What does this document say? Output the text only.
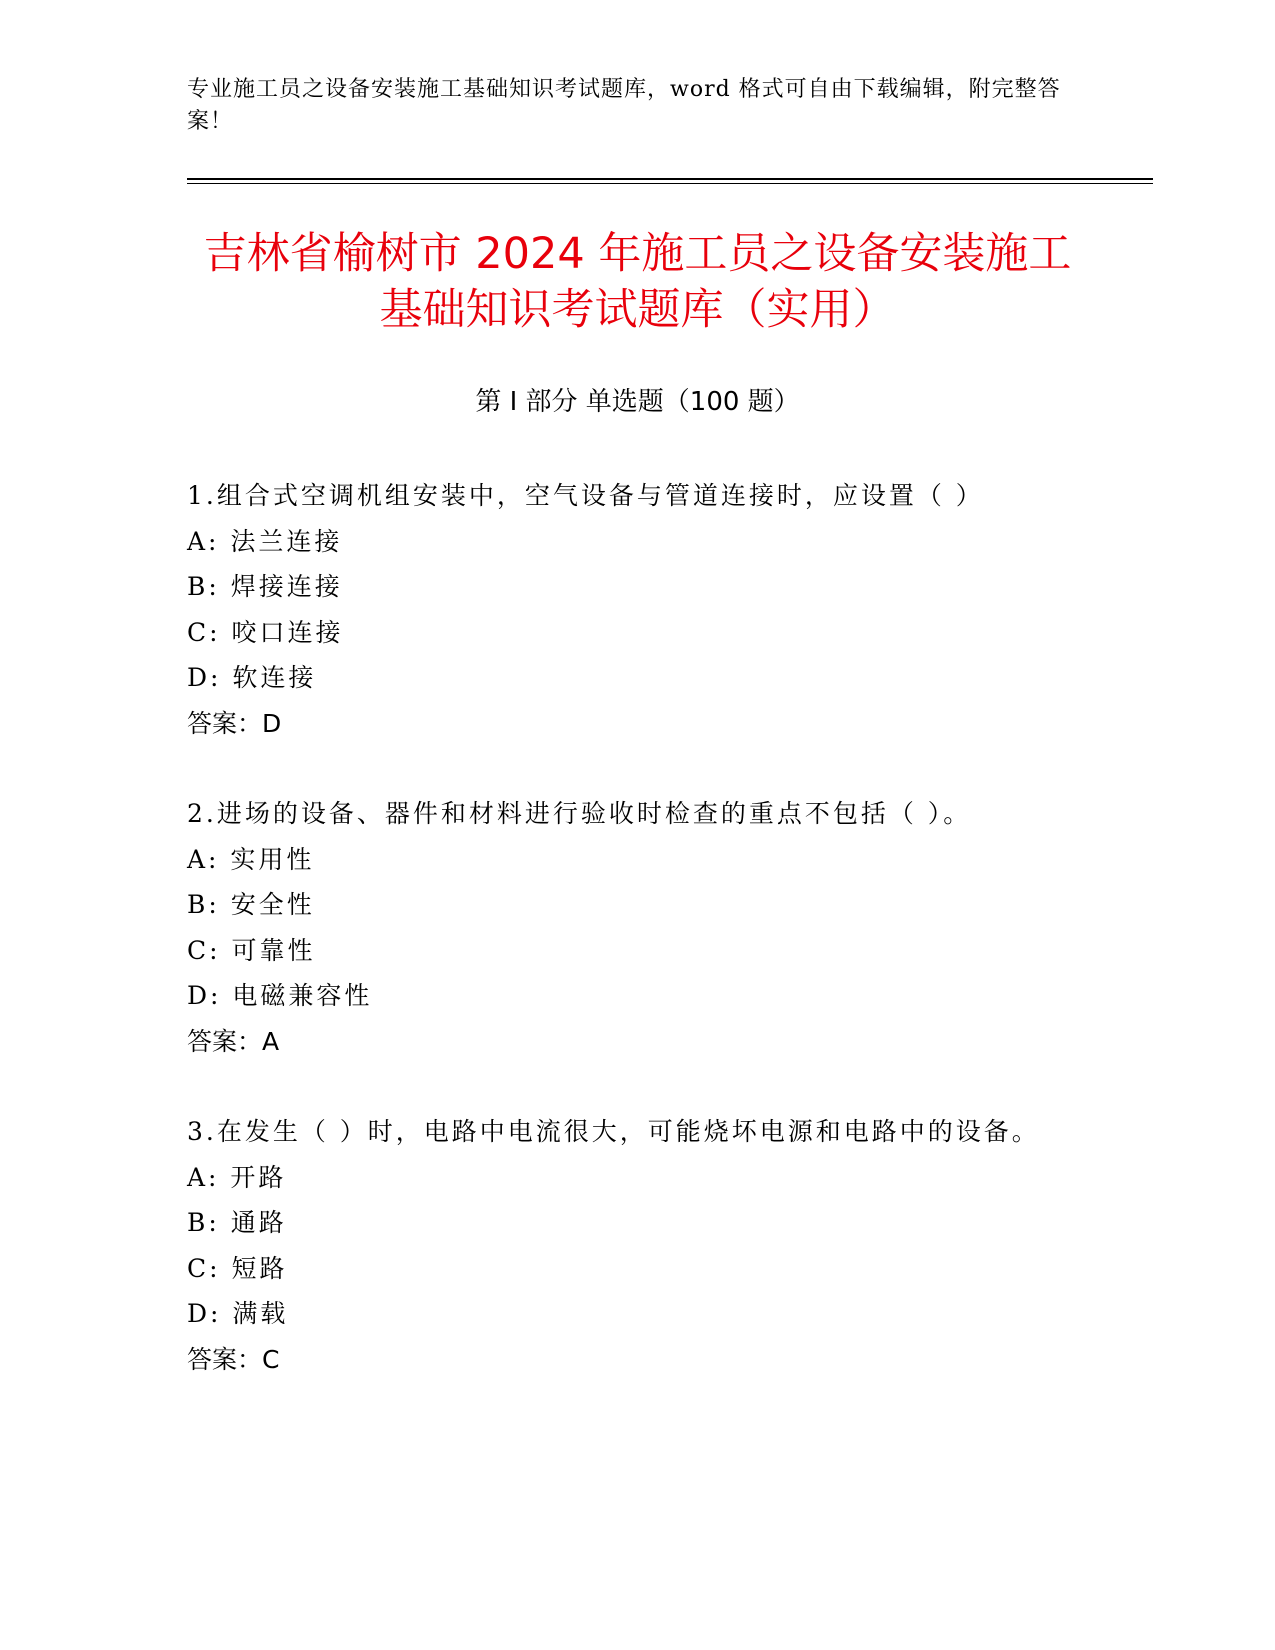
专业施工员之设备安装施工基础知识考试题库，word 格式可自由下载编辑，附完整答案！
吉林省榆树市 2024 年施工员之设备安装施工
基础知识考试题库（实用）
第 I 部分 单选题（100 题）
1.组合式空调机组安装中，空气设备与管道连接时，应设置（ ）
A: 法兰连接
B: 焊接连接
C: 咬口连接
D: 软连接
答案：D
2.进场的设备、器件和材料进行验收时检查的重点不包括（ ）。
A: 实用性
B: 安全性
C: 可靠性
D: 电磁兼容性
答案：A
3.在发生（ ）时，电路中电流很大，可能烧坏电源和电路中的设备。
A: 开路
B: 通路
C: 短路
D: 满载
答案：C
